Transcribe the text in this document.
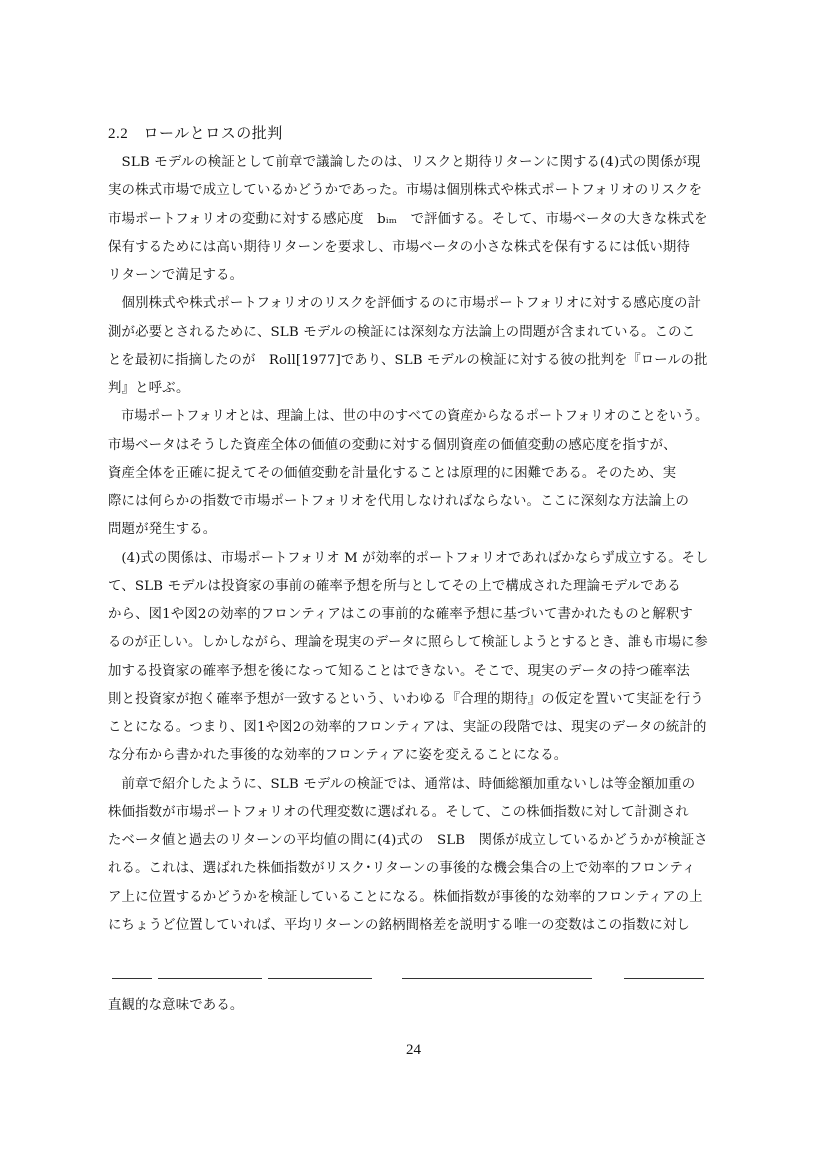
2.2 ロールとロスの批判
　SLB モデルの検証として前章で議論したのは、リスクと期待リターンに関する(4)式の関係が現
実の株式市場で成立しているかどうかであった。市場は個別株式や株式ポートフォリオのリスクを
市場ポートフォリオの変動に対する感応度　bᵢₘ　で評価する。そして、市場ベータの大きな株式を
保有するためには高い期待リターンを要求し、市場ベータの小さな株式を保有するには低い期待
リターンで満足する。
　個別株式や株式ポートフォリオのリスクを評価するのに市場ポートフォリオに対する感応度の計
測が必要とされるために、SLB モデルの検証には深刻な方法論上の問題が含まれている。このこ
とを最初に指摘したのが　Roll[1977]であり、SLB モデルの検証に対する彼の批判を『ロールの批
判』と呼ぶ。
　市場ポートフォリオとは、理論上は、世の中のすべての資産からなるポートフォリオのことをいう。
市場ベータはそうした資産全体の価値の変動に対する個別資産の価値変動の感応度を指すが、
資産全体を正確に捉えてその価値変動を計量化することは原理的に困難である。そのため、実
際には何らかの指数で市場ポートフォリオを代用しなければならない。ここに深刻な方法論上の
問題が発生する。
　(4)式の関係は、市場ポートフォリオ M が効率的ポートフォリオであればかならず成立する。そし
て、SLB モデルは投資家の事前の確率予想を所与としてその上で構成された理論モデルである
から、図1や図2の効率的フロンティアはこの事前的な確率予想に基づいて書かれたものと解釈す
るのが正しい。しかしながら、理論を現実のデータに照らして検証しようとするとき、誰も市場に参
加する投資家の確率予想を後になって知ることはできない。そこで、現実のデータの持つ確率法
則と投資家が抱く確率予想が一致するという、いわゆる『合理的期待』の仮定を置いて実証を行う
ことになる。つまり、図1や図2の効率的フロンティアは、実証の段階では、現実のデータの統計的
な分布から書かれた事後的な効率的フロンティアに姿を変えることになる。
　前章で紹介したように、SLB モデルの検証では、通常は、時価総額加重ないしは等金額加重の
株価指数が市場ポートフォリオの代理変数に選ばれる。そして、この株価指数に対して計測され
たベータ値と過去のリターンの平均値の間に(4)式の　SLB　関係が成立しているかどうかが検証さ
れる。これは、選ばれた株価指数がリスク･リターンの事後的な機会集合の上で効率的フロンティ
ア上に位置するかどうかを検証していることになる。株価指数が事後的な効率的フロンティアの上
にちょうど位置していれば、平均リターンの銘柄間格差を説明する唯一の変数はこの指数に対し
直観的な意味である。
24
